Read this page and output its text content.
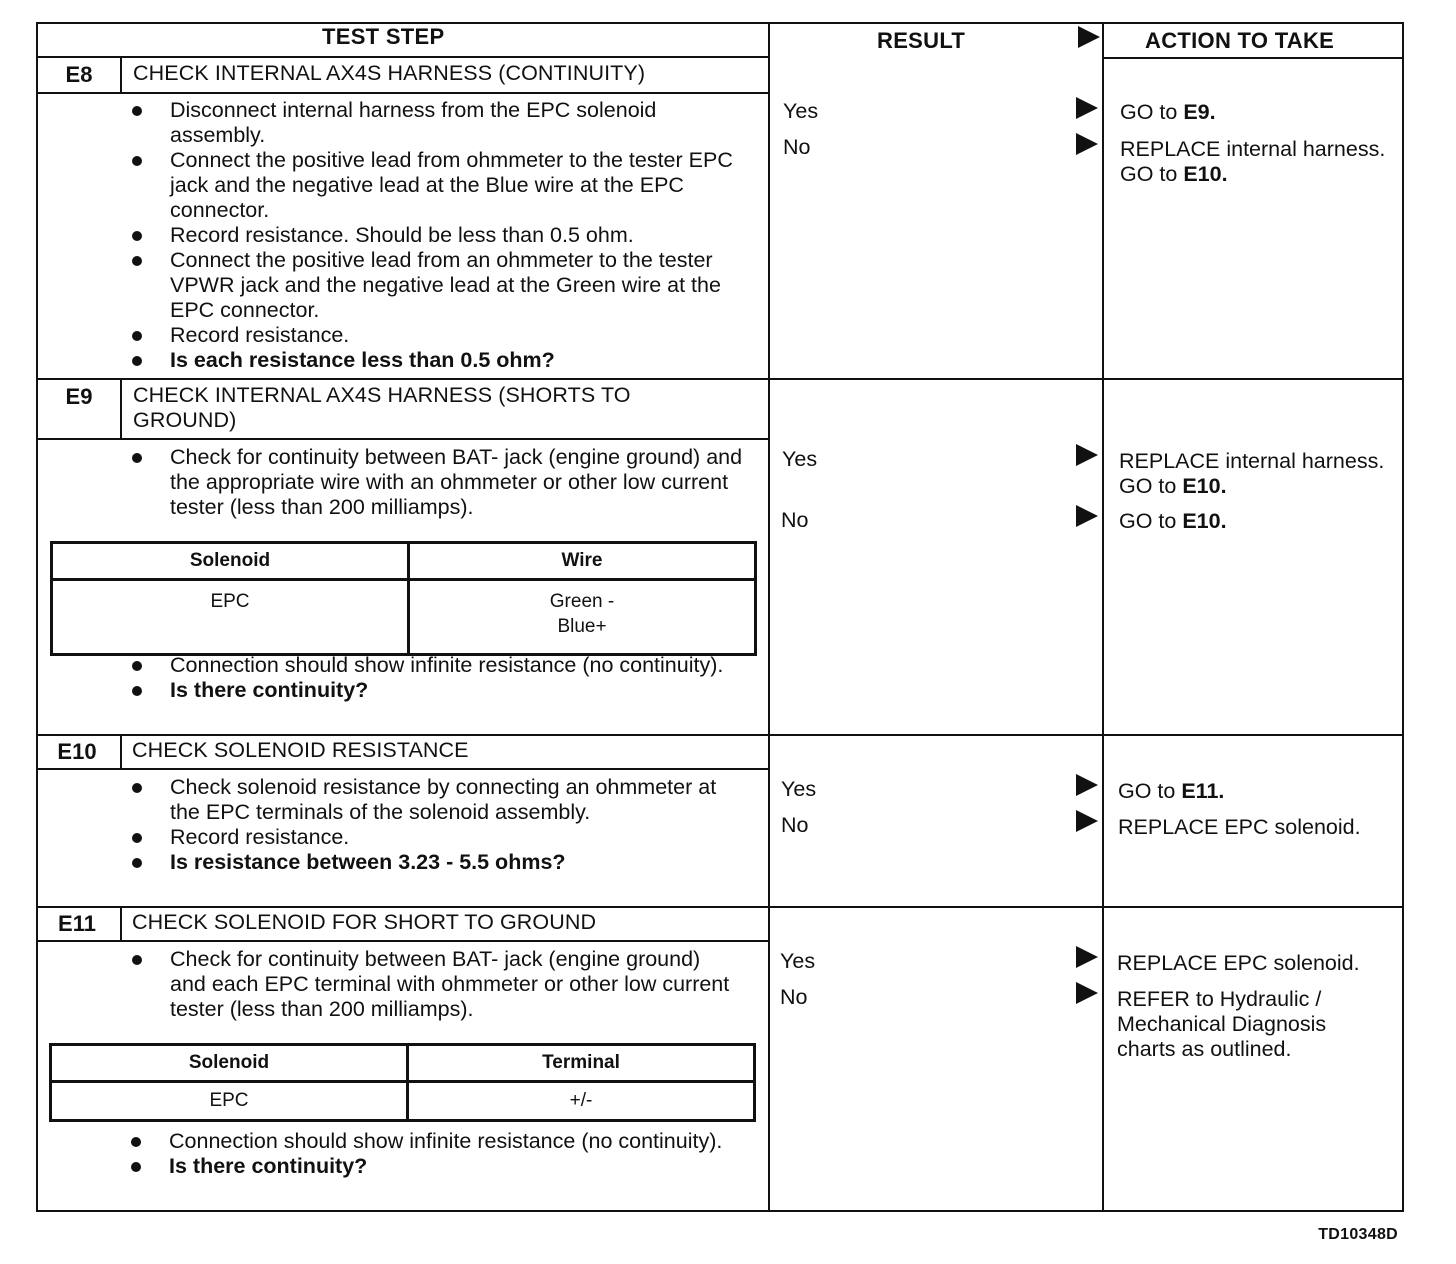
TEST STEP	RESULT	ACTION TO TAKE
E8	CHECK INTERNAL AX4S HARNESS (CONTINUITY)
Disconnect internal harness from the EPC solenoid assembly.
Connect the positive lead from ohmmeter to the tester EPC jack and the negative lead at the Blue wire at the EPC connector.
Record resistance. Should be less than 0.5 ohm.
Connect the positive lead from an ohmmeter to the tester VPWR jack and the negative lead at the Green wire at the EPC connector.
Record resistance.
Is each resistance less than 0.5 ohm?
Yes	GO to E9.
No	REPLACE internal harness. GO to E10.
E9	CHECK INTERNAL AX4S HARNESS (SHORTS TO GROUND)
Check for continuity between BAT- jack (engine ground) and the appropriate wire with an ohmmeter or other low current tester (less than 200 milliamps).
Solenoid	Wire
EPC	Green -
Blue+
Connection should show infinite resistance (no continuity).
Is there continuity?
Yes	REPLACE internal harness. GO to E10.
No	GO to E10.
E10	CHECK SOLENOID RESISTANCE
Check solenoid resistance by connecting an ohmmeter at the EPC terminals of the solenoid assembly.
Record resistance.
Is resistance between 3.23 - 5.5 ohms?
Yes	GO to E11.
No	REPLACE EPC solenoid.
E11	CHECK SOLENOID FOR SHORT TO GROUND
Check for continuity between BAT- jack (engine ground) and each EPC terminal with ohmmeter or other low current tester (less than 200 milliamps).
Solenoid	Terminal
EPC	+/-
Connection should show infinite resistance (no continuity).
Is there continuity?
Yes	REPLACE EPC solenoid.
No	REFER to Hydraulic / Mechanical Diagnosis charts as outlined.
TD10348D
